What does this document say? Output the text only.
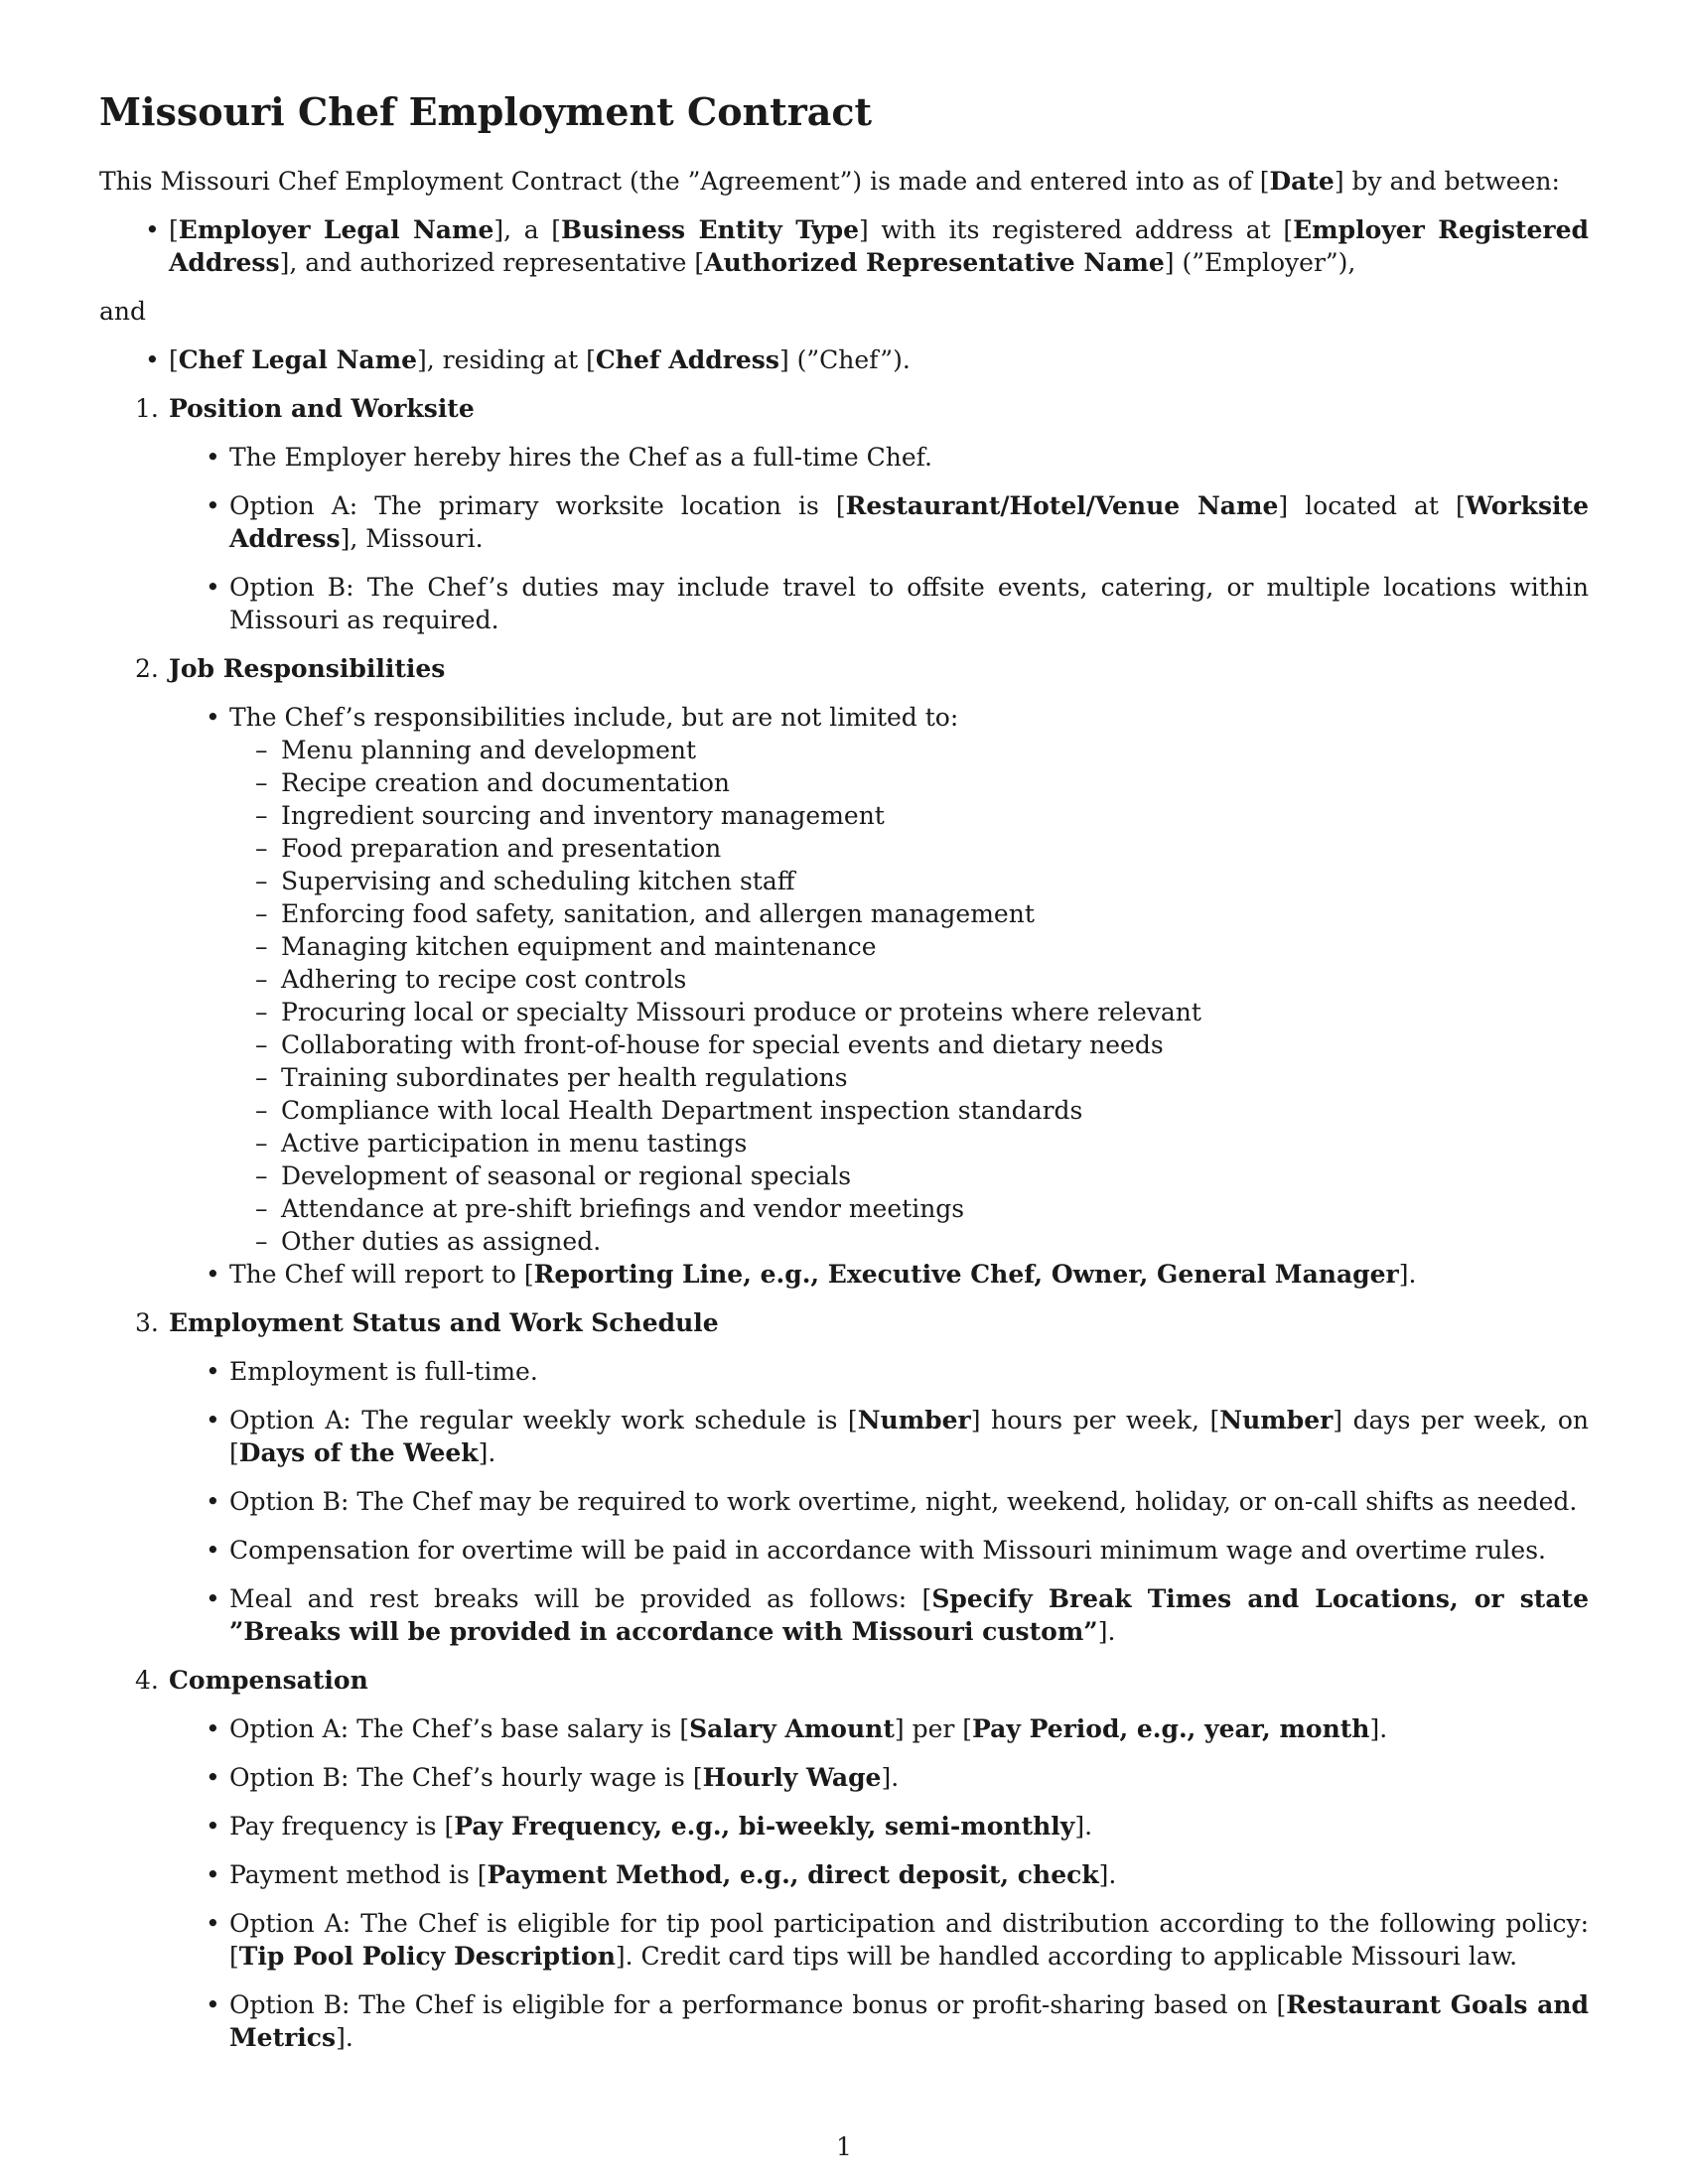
Missouri Chef Employment Contract

This Missouri Chef Employment Contract (the ”Agreement”) is made and entered into as of [Date] by and between:

• [Employer Legal Name], a [Business Entity Type] with its registered address at [Employer Registered Address], and authorized representative [Authorized Representative Name] (”Employer”),

and

• [Chef Legal Name], residing at [Chef Address] (”Chef”).
1. Position and Worksite
• The Employer hereby hires the Chef as a full-time Chef.
• Option A: The primary worksite location is [Restaurant/Hotel/Venue Name] located at [Worksite Address], Missouri.
• Option B: The Chef’s duties may include travel to offsite events, catering, or multiple locations within Missouri as required.
2. Job Responsibilities
• The Chef’s responsibilities include, but are not limited to:
– Menu planning and development
– Recipe creation and documentation
– Ingredient sourcing and inventory management
– Food preparation and presentation
– Supervising and scheduling kitchen staff
– Enforcing food safety, sanitation, and allergen management
– Managing kitchen equipment and maintenance
– Adhering to recipe cost controls
– Procuring local or specialty Missouri produce or proteins where relevant
– Collaborating with front-of-house for special events and dietary needs
– Training subordinates per health regulations
– Compliance with local Health Department inspection standards
– Active participation in menu tastings
– Development of seasonal or regional specials
– Attendance at pre-shift briefings and vendor meetings
– Other duties as assigned.
• The Chef will report to [Reporting Line, e.g., Executive Chef, Owner, General Manager].
3. Employment Status and Work Schedule
• Employment is full-time.
• Option A: The regular weekly work schedule is [Number] hours per week, [Number] days per week, on [Days of the Week].
• Option B: The Chef may be required to work overtime, night, weekend, holiday, or on-call shifts as needed.
• Compensation for overtime will be paid in accordance with Missouri minimum wage and overtime rules.
• Meal and rest breaks will be provided as follows: [Specify Break Times and Locations, or state ”Breaks will be provided in accordance with Missouri custom”].
4. Compensation
• Option A: The Chef’s base salary is [Salary Amount] per [Pay Period, e.g., year, month].
• Option B: The Chef’s hourly wage is [Hourly Wage].
• Pay frequency is [Pay Frequency, e.g., bi-weekly, semi-monthly].
• Payment method is [Payment Method, e.g., direct deposit, check].
• Option A: The Chef is eligible for tip pool participation and distribution according to the following policy: [Tip Pool Policy Description]. Credit card tips will be handled according to applicable Missouri law.
• Option B: The Chef is eligible for a performance bonus or profit-sharing based on [Restaurant Goals and Metrics].
1
